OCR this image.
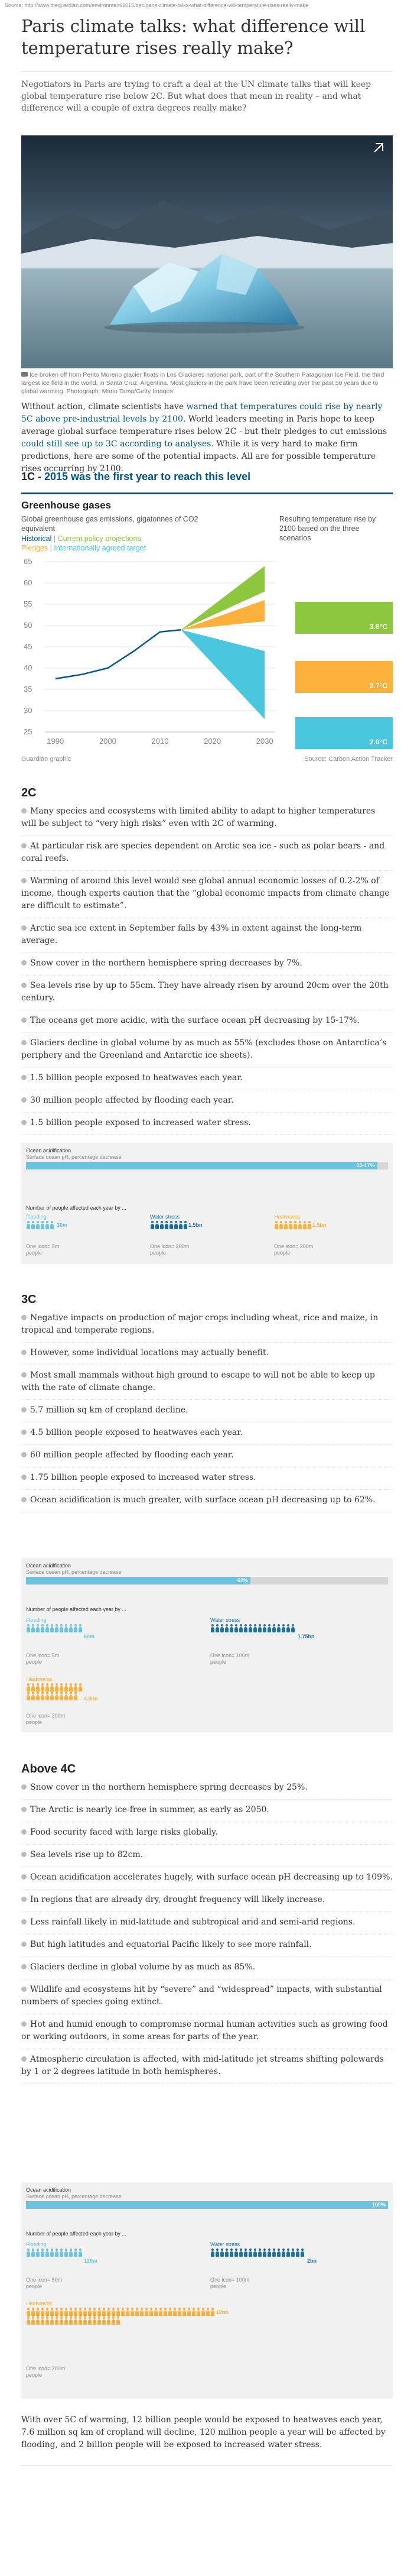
Source: http://www.theguardian.com/environment/2015/dec/paris-climate-talks-what-difference-will-temperature-rises-really-make
Paris climate talks: what difference will temperature rises really make?

Negotiators in Paris are trying to craft a deal at the UN climate talks that will keep global temperature rise below 2C. But what does that mean in reality – and what difference will a couple of extra degrees really make?

Ice broken off from Perito Moreno glacier floats in Los Glaciares national park, part of the Southern Patagonian Ice Field, the third largest ice field in the world, in Santa Cruz, Argentina. Most glaciers in the park have been retreating over the past 50 years due to global warming. Photograph: Mario Tama/Getty Images

Without action, climate scientists have warned that temperatures could rise by nearly 5C above pre-industrial levels by 2100. World leaders meeting in Paris hope to keep average global surface temperature rises below 2C - but their pledges to cut emissions could still see up to 3C according to analyses. While it is very hard to make firm predictions, here are some of the potential impacts. All are for possible temperature rises occurring by 2100.

1C - 2015 was the first year to reach this level
Greenhouse gases
Global greenhouse gas emissions, gigatonnes of CO2 equivalent
Resulting temperature rise by 2100 based on the three scenarios
Historical | Current policy projections
Pledges | Internationally agreed target
65
60
55
50
45
40
35
30
25
1990	2000	2010	2020	2030
3.6°C
2.7°C
2.0°C
Guardian graphic	Source: Carbon Action Tracker
2C
Many species and ecosystems with limited ability to adapt to higher temperatures will be subject to “very high risks” even with 2C of warming.
At particular risk are species dependent on Arctic sea ice - such as polar bears - and coral reefs.
Warming of around this level would see global annual economic losses of 0.2-2% of income, though experts caution that the “global economic impacts from climate change are difficult to estimate”.
Arctic sea ice extent in September falls by 43% in extent against the long-term average.
Snow cover in the northern hemisphere spring decreases by 7%.
Sea levels rise by up to 55cm. They have already risen by around 20cm over the 20th century.
The oceans get more acidic, with the surface ocean pH decreasing by 15-17%.
Glaciers decline in global volume by as much as 55% (excludes those on Antarctica’s periphery and the Greenland and Antarctic ice sheets).
1.5 billion people exposed to heatwaves each year.
30 million people affected by flooding each year.
1.5 billion people exposed to increased water stress.
Ocean acidification
Surface ocean pH, percentage decrease
15-17%
Number of people affected each year by ...
Flooding
30m
One icon= 5m people
Water stress
1.5bn
One icon= 200m people
Heatwaves
1.5bn
One icon= 200m people
3C
Negative impacts on production of major crops including wheat, rice and maize, in tropical and temperate regions.
However, some individual locations may actually benefit.
Most small mammals without high ground to escape to will not be able to keep up with the rate of climate change.
5.7 million sq km of cropland decline.
4.5 billion people exposed to heatwaves each year.
60 million people affected by flooding each year.
1.75 billion people exposed to increased water stress.
Ocean acidification is much greater, with surface ocean pH decreasing up to 62%.
Ocean acidification
Surface ocean pH, percentage decrease
62%
Number of people affected each year by ...
Flooding
60m
One icon= 5m people
Water stress
1.75bn
One icon= 100m people
Heatwaves
4.5bn
One icon= 200m people
Above 4C
Snow cover in the northern hemisphere spring decreases by 25%.
The Arctic is nearly ice-free in summer, as early as 2050.
Food security faced with large risks globally.
Sea levels rise up to 82cm.
Ocean acidification accelerates hugely, with surface ocean pH decreasing up to 109%.
In regions that are already dry, drought frequency will likely increase.
Less rainfall likely in mid-latitude and subtropical arid and semi-arid regions.
But high latitudes and equatorial Pacific likely to see more rainfall.
Glaciers decline in global volume by as much as 85%.
Wildlife and ecosystems hit by “severe” and “widespread” impacts, with substantial numbers of species going extinct.
Hot and humid enough to compromise normal human activities such as growing food or working outdoors, in some areas for parts of the year.
Atmospheric circulation is affected, with mid-latitude jet streams shifting polewards by 1 or 2 degrees latitude in both hemispheres.
Ocean acidification
Surface ocean pH, percentage decrease
109%
Number of people affected each year by ...
Flooding
120m
One icon= 50m people
Water stress
2bn
One icon= 100m people
Heatwaves
12bn
One icon= 200m people

With over 5C of warming, 12 billion people would be exposed to heatwaves each year, 7.6 million sq km of cropland will decline, 120 million people a year will be affected by flooding, and 2 billion people will be exposed to increased water stress.
